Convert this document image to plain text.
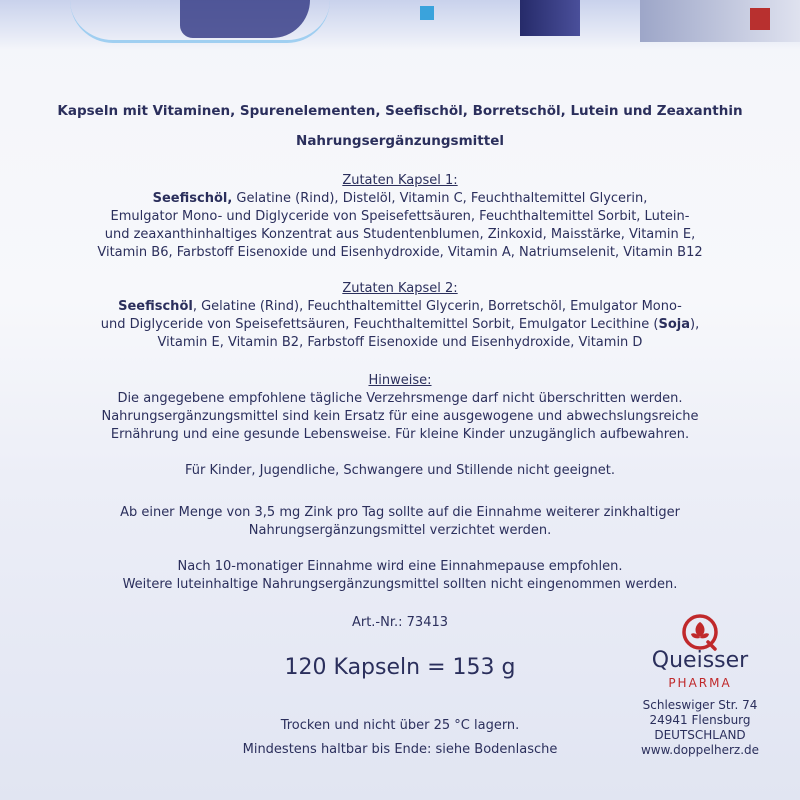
Kapseln mit Vitaminen, Spurenelementen, Seefischöl, Borretschöl, Lutein und Zeaxanthin
Nahrungsergänzungsmittel
Zutaten Kapsel 1:
Seefischöl, Gelatine (Rind), Distelöl, Vitamin C, Feuchthaltemittel Glycerin,
Emulgator Mono- und Diglyceride von Speisefettsäuren, Feuchthaltemittel Sorbit, Lutein-
und zeaxanthinhaltiges Konzentrat aus Studentenblumen, Zinkoxid, Maisstärke, Vitamin E,
Vitamin B6, Farbstoff Eisenoxide und Eisenhydroxide, Vitamin A, Natriumselenit, Vitamin B12
Zutaten Kapsel 2:
Seefischöl, Gelatine (Rind), Feuchthaltemittel Glycerin, Borretschöl, Emulgator Mono-
und Diglyceride von Speisefettsäuren, Feuchthaltemittel Sorbit, Emulgator Lecithine (Soja),
Vitamin E, Vitamin B2, Farbstoff Eisenoxide und Eisenhydroxide, Vitamin D
Hinweise:
Die angegebene empfohlene tägliche Verzehrsmenge darf nicht überschritten werden.
Nahrungsergänzungsmittel sind kein Ersatz für eine ausgewogene und abwechslungsreiche
Ernährung und eine gesunde Lebensweise. Für kleine Kinder unzugänglich aufbewahren.
Für Kinder, Jugendliche, Schwangere und Stillende nicht geeignet.
Ab einer Menge von 3,5 mg Zink pro Tag sollte auf die Einnahme weiterer zinkhaltiger
Nahrungsergänzungsmittel verzichtet werden.
Nach 10-monatiger Einnahme wird eine Einnahmepause empfohlen.
Weitere luteinhaltige Nahrungsergänzungsmittel sollten nicht eingenommen werden.
Art.-Nr.: 73413
120 Kapseln = 153 g
Trocken und nicht über 25 °C lagern.
Mindestens haltbar bis Ende: siehe Bodenlasche
Queisser
PHARMA
Schleswiger Str. 74
24941 Flensburg
DEUTSCHLAND
www.doppelherz.de
